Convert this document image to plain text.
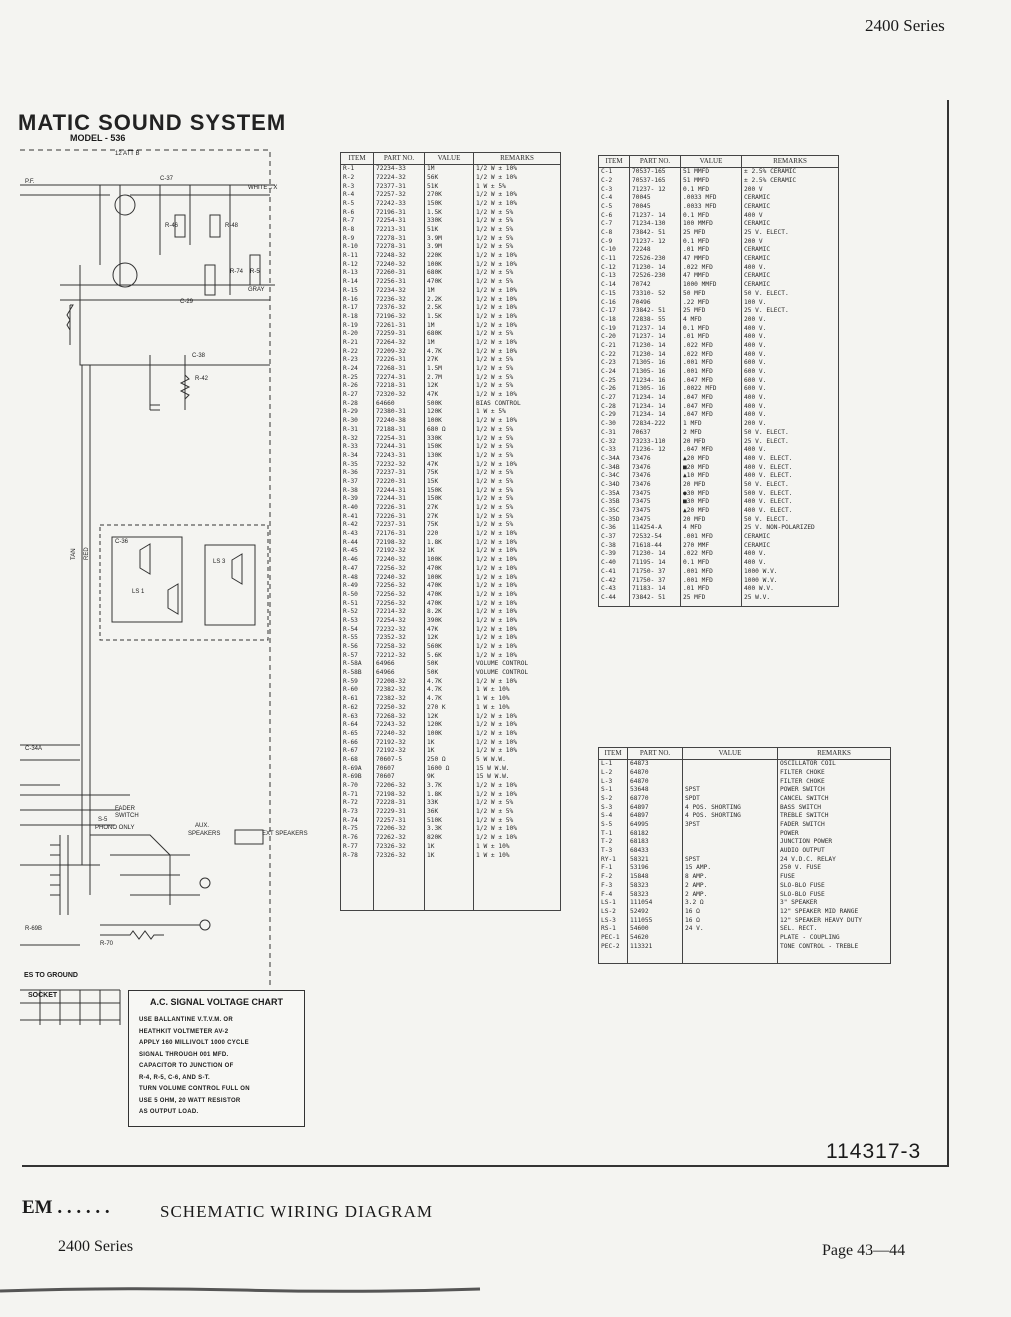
2400 Series
MATIC SOUND SYSTEM
MODEL - 536
P.F.
12 ATT B
WHITE→X
GRAY
C-37
R-46	R-48
R-74 R-5
C-29
C-38
R-42
TAN RED
C-36
LS 1
LS 3
FADER
SWITCH
S-5
PHONO ONLY	AUX.
SPEAKERS	EXT SPEAKERS
C-34A
R-69B
R-70
ES TO GROUND
SOCKET
A.C. SIGNAL VOLTAGE CHART
USE BALLANTINE V.T.V.M. OR
HEATHKIT VOLTMETER AV-2
APPLY 160 MILLIVOLT 1000 CYCLE
SIGNAL THROUGH 001 MFD.
CAPACITOR TO JUNCTION OF
R-4, R-5, C-6, AND S-T.
TURN VOLUME CONTROL FULL ON
USE 5 OHM, 20 WATT RESISTOR
AS OUTPUT LOAD.
ITEM	PART NO.	VALUE	REMARKS
R-1	72234-33	1M	1/2 W ± 10%
R-2	72224-32	56K	1/2 W ± 10%
R-3	72377-31	51K	1 W ± 5%
R-4	72257-32	270K	1/2 W ± 10%
R-5	72242-33	150K	1/2 W ± 10%
R-6	72196-31	1.5K	1/2 W ± 5%
R-7	72254-31	330K	1/2 W ± 5%
R-8	72213-31	51K	1/2 W ± 5%
R-9	72278-31	3.9M	1/2 W ± 5%
R-10	72278-31	3.9M	1/2 W ± 5%
R-11	72248-32	220K	1/2 W ± 10%
R-12	72240-32	100K	1/2 W ± 10%
R-13	72260-31	680K	1/2 W ± 5%
R-14	72256-31	470K	1/2 W ± 5%
R-15	72234-32	1M	1/2 W ± 10%
R-16	72236-32	2.2K	1/2 W ± 10%
R-17	72376-32	2.5K	1/2 W ± 10%
R-18	72196-32	1.5K	1/2 W ± 10%
R-19	72261-31	1M	1/2 W ± 10%
R-20	72259-31	680K	1/2 W ± 5%
R-21	72264-32	1M	1/2 W ± 10%
R-22	72209-32	4.7K	1/2 W ± 10%
R-23	72226-31	27K	1/2 W ± 5%
R-24	72268-31	1.5M	1/2 W ± 5%
R-25	72274-31	2.7M	1/2 W ± 5%
R-26	72218-31	12K	1/2 W ± 5%
R-27	72320-32	47K	1/2 W ± 10%
R-28	64660	500K	BIAS CONTROL
R-29	72380-31	120K	1 W ± 5%
R-30	72240-38	100K	1/2 W ± 10%
R-31	72188-31	680 Ω	1/2 W ± 5%
R-32	72254-31	330K	1/2 W ± 5%
R-33	72244-31	150K	1/2 W ± 5%
R-34	72243-31	130K	1/2 W ± 5%
R-35	72232-32	47K	1/2 W ± 10%
R-36	72237-31	75K	1/2 W ± 5%
R-37	72220-31	15K	1/2 W ± 5%
R-38	72244-31	150K	1/2 W ± 5%
R-39	72244-31	150K	1/2 W ± 5%
R-40	72226-31	27K	1/2 W ± 5%
R-41	72226-31	27K	1/2 W ± 5%
R-42	72237-31	75K	1/2 W ± 5%
R-43	72176-31	220	1/2 W ± 10%
R-44	72198-32	1.8K	1/2 W ± 10%
R-45	72192-32	1K	1/2 W ± 10%
R-46	72240-32	100K	1/2 W ± 10%
R-47	72256-32	470K	1/2 W ± 10%
R-48	72240-32	100K	1/2 W ± 10%
R-49	72256-32	470K	1/2 W ± 10%
R-50	72256-32	470K	1/2 W ± 10%
R-51	72256-32	470K	1/2 W ± 10%
R-52	72214-32	8.2K	1/2 W ± 10%
R-53	72254-32	390K	1/2 W ± 10%
R-54	72232-32	47K	1/2 W ± 10%
R-55	72352-32	12K	1/2 W ± 10%
R-56	72258-32	560K	1/2 W ± 10%
R-57	72212-32	5.6K	1/2 W ± 10%
R-58A	64966	50K	VOLUME CONTROL
R-58B	64966	50K	VOLUME CONTROL
R-59	72208-32	4.7K	1/2 W ± 10%
R-60	72382-32	4.7K	1 W ± 10%
R-61	72382-32	4.7K	1 W ± 10%
R-62	72250-32	270 K	1 W ± 10%
R-63	72268-32	12K	1/2 W ± 10%
R-64	72243-32	120K	1/2 W ± 10%
R-65	72240-32	100K	1/2 W ± 10%
R-66	72192-32	1K	1/2 W ± 10%
R-67	72192-32	1K	1/2 W ± 10%
R-68	70607-5	250 Ω	5 W W.W.
R-69A	70607	1600 Ω	15 W W.W.
R-69B	70607	9K	15 W W.W.
R-70	72206-32	3.7K	1/2 W ± 10%
R-71	72198-32	1.8K	1/2 W ± 10%
R-72	72228-31	33K	1/2 W ± 5%
R-73	72229-31	36K	1/2 W ± 5%
R-74	72257-31	510K	1/2 W ± 5%
R-75	72206-32	3.3K	1/2 W ± 10%
R-76	72262-32	820K	1/2 W ± 10%
R-77	72326-32	1K	1 W ± 10%
R-78	72326-32	1K	1 W ± 10%

ITEM	PART NO.	VALUE	REMARKS
C-1	70537-165	51 MMFD	± 2.5% CERAMIC
C-2	70537-165	51 MMFD	± 2.5% CERAMIC
C-3	71237- 12	0.1 MFD	200 V
C-4	70045	.0033 MFD	CERAMIC
C-5	70045	.0033 MFD	CERAMIC
C-6	71237- 14	0.1 MFD	400 V
C-7	71234-130	100 MMFD	CERAMIC
C-8	73842- 51	25 MFD	25 V. ELECT.
C-9	71237- 12	0.1 MFD	200 V
C-10	72248	.01 MFD	CERAMIC
C-11	72526-230	47 MMFD	CERAMIC
C-12	71230- 14	.022 MFD	400 V.
C-13	72526-230	47 MMFD	CERAMIC
C-14	70742	1000 MMFD	CERAMIC
C-15	73310- 52	50 MFD	50 V. ELECT.
C-16	70496	.22 MFD	100 V.
C-17	73842- 51	25 MFD	25 V. ELECT.
C-18	72838- 55	4 MFD	200 V.
C-19	71237- 14	0.1 MFD	400 V.
C-20	71237- 14	.01 MFD	400 V.
C-21	71230- 14	.022 MFD	400 V.
C-22	71230- 14	.022 MFD	400 V.
C-23	71305- 16	.001 MFD	600 V.
C-24	71305- 16	.001 MFD	600 V.
C-25	71234- 16	.047 MFD	600 V.
C-26	71305- 16	.0022 MFD	600 V.
C-27	71234- 14	.047 MFD	400 V.
C-28	71234- 14	.047 MFD	400 V.
C-29	71234- 14	.047 MFD	400 V.
C-30	72834-222	1 MFD	200 V.
C-31	70637	2 MFD	50 V. ELECT.
C-32	73233-110	20 MFD	25 V. ELECT.
C-33	71236- 12	.047 MFD	400 V.
C-34A	73476	▲20 MFD	400 V. ELECT.
C-34B	73476	■20 MFD	400 V. ELECT.
C-34C	73476	▲10 MFD	400 V. ELECT.
C-34D	73476	20 MFD	50 V. ELECT.
C-35A	73475	●30 MFD	500 V. ELECT.
C-35B	73475	■30 MFD	400 V. ELECT.
C-35C	73475	▲20 MFD	400 V. ELECT.
C-35D	73475	20 MFD	50 V. ELECT.
C-36	114254-A	4 MFD	25 V. NON-POLARIZED
C-37	72532-54	.001 MFD	CERAMIC
C-38	71618-44	270 MMF	CERAMIC
C-39	71230- 14	.022 MFD	400 V.
C-40	71195- 14	0.1 MFD	400 V.
C-41	71750- 37	.001 MFD	1000 W.V.
C-42	71750- 37	.001 MFD	1000 W.V.
C-43	71183- 14	.01 MFD	400 W.V.
C-44	73842- 51	25 MFD	25 W.V.

ITEM	PART NO.	VALUE	REMARKS
L-1	64873		OSCILLATOR COIL
L-2	64870		FILTER CHOKE
L-3	64870		FILTER CHOKE
S-1	53648	SPST	POWER SWITCH
S-2	68770	SPDT	CANCEL SWITCH
S-3	64897	4 POS. SHORTING	BASS SWITCH
S-4	64897	4 POS. SHORTING	TREBLE SWITCH
S-5	64995	3PST	FADER SWITCH
T-1	68182		POWER
T-2	68183		JUNCTION POWER
T-3	68433		AUDIO OUTPUT
RY-1	58321	SPST	24 V.D.C. RELAY
F-1	53196	15 AMP.	250 V. FUSE
F-2	15848	8 AMP.	FUSE
F-3	58323	2 AMP.	SLO-BLO FUSE
F-4	58323	2 AMP.	SLO-BLO FUSE
LS-1	111054	3.2 Ω	3" SPEAKER
LS-2	52492	16 Ω	12" SPEAKER MID RANGE
LS-3	111055	16 Ω	12" SPEAKER HEAVY DUTY
RS-1	54600	24 V.	SEL. RECT.
PEC-1	54620		PLATE - COUPLING
PEC-2	113321		TONE CONTROL - TREBLE

114317-3
EM . . . . . .	SCHEMATIC WIRING DIAGRAM
2400 Series	Page 43—44
